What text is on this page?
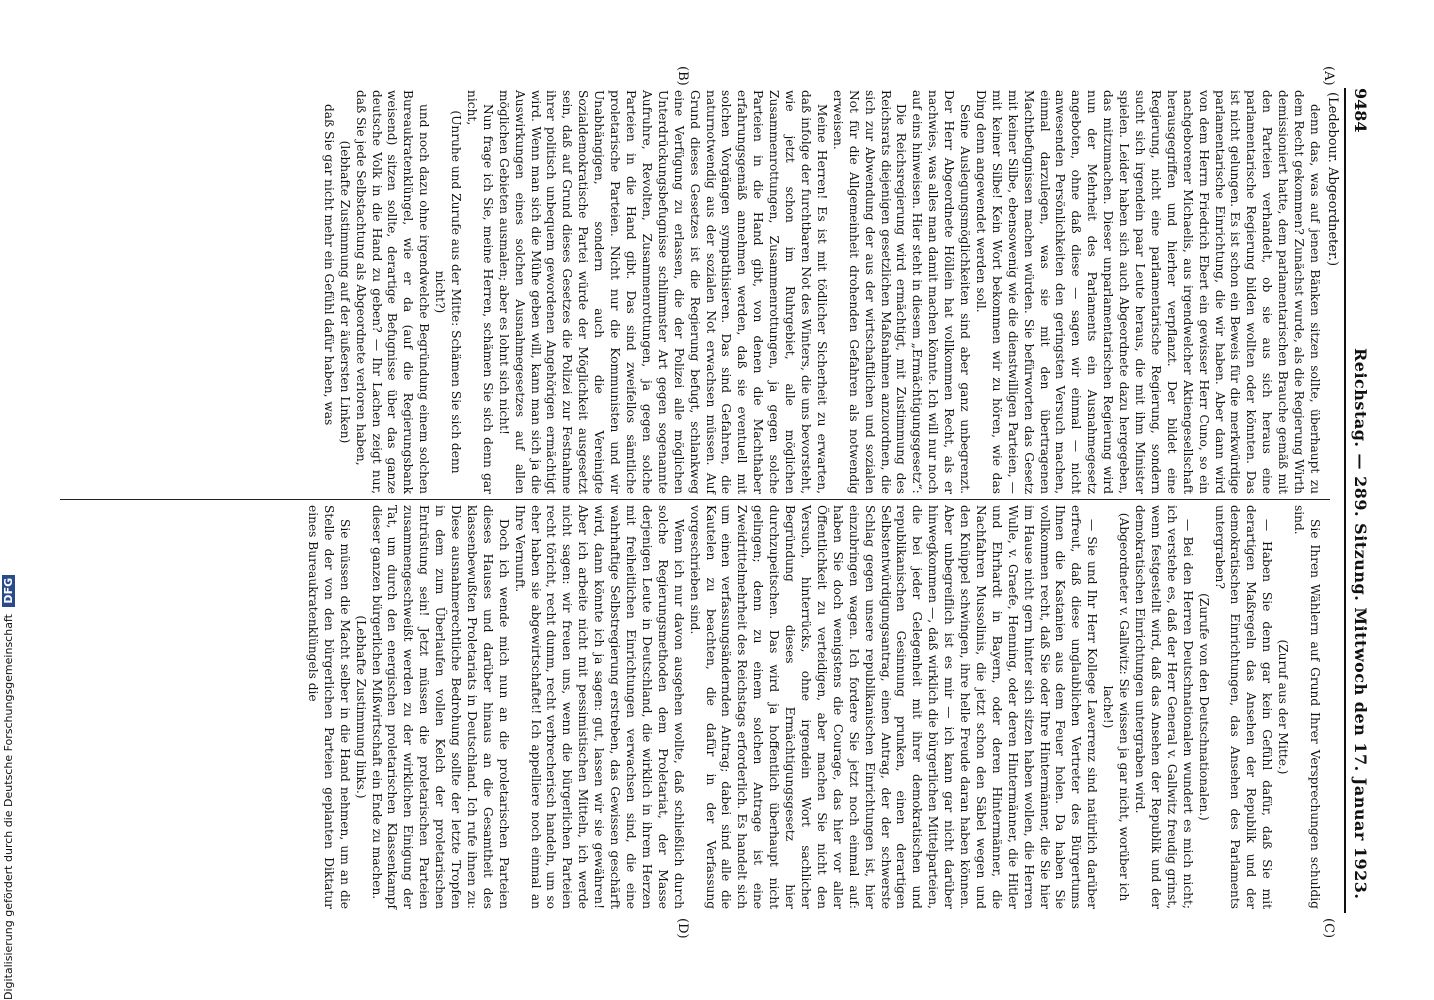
9484
Reichstag. — 289. Sitzung. Mittwoch den 17. Januar 1923.
(Ledebour. Abgeordneter.)
(A)
(B)
(C)
(D)

denn das, was auf jenen Bänken sitzen sollte, überhaupt zu dem Recht gekommen? Zunächst wurde, als die Regierung Wirth demissioniert hatte, dem parlamentarischen Brauche gemäß mit den Parteien verhandelt, ob sie aus sich heraus eine parlamentarische Regierung bilden wollten oder könnten. Das ist nicht gelungen. Es ist schon ein Beweis für die merkwürdige parlamentarische Einrichtung, die wir haben. Aber dann wird von dem Herrn Friedrich Ebert ein gewisser Herr Cuno, so ein nachgeborener Michaelis, aus irgendwelcher Aktiengesellschaft herausgegriffen und hierher verpflanzt. Der bildet eine Regierung, nicht eine parlamentarische Regierung, sondern sucht sich irgendein paar Leute heraus, die mit ihm Minister spielen. Leider haben sich auch Abgeordnete dazu hergegeben, das mitzumachen. Dieser unparlamentarischen Regierung wird nun der Mehrheit des Parlaments ein Ausnahmegesetz angeboten, ohne daß diese — sagen wir einmal — nicht anwesenden Persönlichkeiten den geringsten Versuch machen, einmal darzulegen, was sie mit den übertragenen Machtbefugnissen machen würden. Sie befürworten das Gesetz mit keiner Silbe, ebensowenig wie die dienstwilligen Parteien, — mit keiner Silbe! Kein Wort bekommen wir zu hören, wie das Ding denn angewendet werden soll.

Seine Auslegungsmöglichkeiten sind aber ganz unbegrenzt. Der Herr Abgeordnete Höllein hat vollkommen Recht, als er nachwies, was alles man damit machen könnte. Ich will nur noch auf eins hinweisen. Hier steht in diesem „Ermächtigungsgesetz“:

Die Reichsregierung wird ermächtigt, mit Zustimmung des Reichsrats diejenigen gesetzlichen Maßnahmen anzuordnen, die sich zur Abwendung der aus der wirtschaftlichen und sozialen Not für die Allgemeinheit drohenden Gefahren als notwendig erweisen.

Meine Herren! Es ist mit tödlicher Sicherheit zu erwarten, daß infolge der furchtbaren Not des Winters, die uns bevorsteht, wie jetzt schon im Ruhrgebiet, alle möglichen Zusammenrottungen, Zusammenrottungen, ja gegen solche Parteien in die Hand gibt, von denen die Machthaber erfahrungsgemäß annehmen werden, daß sie eventuell mit solchen Vorgängen sympathisieren. Das sind Gefahren, die naturnotwendig aus der sozialen Not erwachsen müssen. Auf Grund dieses Gesetzes ist die Regierung befugt, schlankweg eine Verfügung zu erlassen, die der Polizei alle möglichen Unterdrückungsbefugnisse schlimmster Art gegen sogenannte Aufruhre, Revolten, Zusammenrottungen, ja gegen solche Parteien in die Hand gibt. Das sind zweifellos sämtliche proletarische Parteien. Nicht nur die Kommunisten und wir Unabhängigen, sondern auch die Vereinigte Sozialdemokratische Partei würde der Möglichkeit ausgesetzt sein, daß auf Grund dieses Gesetzes die Polizei zur Festnahme ihrer politisch unbequem gewordenen Angehörigen ermächtigt wird. Wenn man sich die Mühe geben will, kann man sich ja die Auswirkungen eines solchen Ausnahmegesetzes auf allen möglichen Gebieten ausmalen; aber es lohnt sich nicht!

Nun frage ich Sie, meine Herren, schämen Sie sich denn gar nicht,

(Unruhe und Zurufe aus der Mitte: Schämen Sie sich denn nicht?)

und noch dazu ohne irgendwelche Begründung einem solchen Bureaukratenklüngel, wie er da (auf die Regierungsbank weisend) sitzen sollte, derartige Befugnisse über das ganze deutsche Volk in die Hand zu geben? — Ihr Lachen zeigt nur, daß Sie jede Selbstachtung als Abgeordnete verloren haben,

(lebhafte Zustimmung auf der äußersten Linken)

daß Sie gar nicht mehr ein Gefühl dafür haben, was

Sie Ihren Wählern auf Grund Ihrer Versprechungen schuldig sind.

(Zuruf aus der Mitte.)

— Haben Sie denn gar kein Gefühl dafür, daß Sie mit derartigen Maßregeln das Ansehen der Republik und der demokratischen Einrichtungen, das Ansehen des Parlaments untergraben?

(Zurufe von den Deutschnationalen.)

— Bei den Herren Deutschnationalen wundert es mich nicht; ich verstehe es, daß der Herr General v. Gallwitz freudig grinst, wenn festgestellt wird, daß das Ansehen der Republik und der demokratischen Einrichtungen untergraben wird.

(Abgeordneter v. Gallwitz: Sie wissen ja gar nicht, worüber ich lache!)

— Sie und Ihr Herr Kollege Laverrenz sind natürlich darüber erfreut, daß diese unglaublichen Vertreter des Bürgertums Ihnen die Kastanien aus dem Feuer holen. Da haben Sie vollkommen recht, daß Sie oder Ihre Hintermänner, die Sie hier im Hause nicht gern hinter sich sitzen haben wollen, die Herren Wulle, v. Graefe, Henning, oder deren Hintermänner, die Hitler und Ehrhardt in Bayern, oder deren Hintermänner, die Nachfahren Mussolinis, die jetzt schon den Säbel wegen und den Knüppel schwingen, ihre helle Freude daran haben können. Aber unbegreiflich ist es mir — ich kann gar nicht darüber hinwegkommen —, daß wirklich die bürgerlichen Mittelparteien, die bei jeder Gelegenheit mit ihrer demokratischen und republikanischen Gesinnung prunken, einen derartigen Selbstentwürdigungsantrag, einen Antrag, der der schwerste Schlag gegen unsere republikanischen Einrichtungen ist, hier einzubringen wagen. Ich fordere Sie jetzt noch einmal auf: haben Sie doch wenigstens die Courage, das hier vor aller Öffentlichkeit zu verteidigen, aber machen Sie nicht den Versuch, hinterrücks, ohne irgendein Wort sachlicher Begründung dieses Ermächtigungsgesetz hier durchzupeitschen. Das wird ja hoffentlich überhaupt nicht gelingen; denn zu einem solchen Antrage ist eine Zweidrittelmehrheit des Reichstags erforderlich. Es handelt sich um einen verfassungsändernden Antrag; dabei sind alle die Kautelen zu beachten, die dafür in der Verfassung vorgeschrieben sind.

Wenn ich nur davon ausgehen wollte, daß schließlich durch solche Regierungsmethoden dem Proletariat, der Masse derjenigen Leute in Deutschland, die wirklich in ihrem Herzen mit freiheitlichen Einrichtungen verwachsen sind, die eine wahrhaftige Selbstregierung erstreben, das Gewissen geschärft wird, dann könnte ich ja sagen: gut, lassen wir sie gewähren! Aber ich arbeite nicht mit pessimistischen Mitteln, ich werde nicht sagen: wir freuen uns, wenn die bürgerlichen Parteien recht töricht, recht dumm, recht verbrecherisch handeln, um so eher haben sie abgewirtschaftet! Ich appelliere noch einmal an Ihre Vernunft.

Doch ich wende mich nun an die proletarischen Parteien dieses Hauses und darüber hinaus an die Gesamtheit des klassenbewußten Proletariats in Deutschland. Ich rufe ihnen zu: Diese ausnahmerechtliche Bedrohung sollte der letzte Tropfen in dem zum Überlaufen vollen Kelch der proletarischen Entrüstung sein! Jetzt müssen die proletarischen Parteien zusammengeschweißt werden zu der wirklichen Einigung der Tat, um durch den energischen proletarischen Klassenkampf dieser ganzen bürgerlichen Mißwirtschaft ein Ende zu machen.

(Lebhafte Zustimmung links.)

Sie müssen die Macht selber in die Hand nehmen, um an die Stelle der von den bürgerlichen Parteien geplanten Diktatur eines Bureaukratenklüngels die

Digitalisierung gefördert durch die Deutsche Forschungsgemeinschaft DFG
